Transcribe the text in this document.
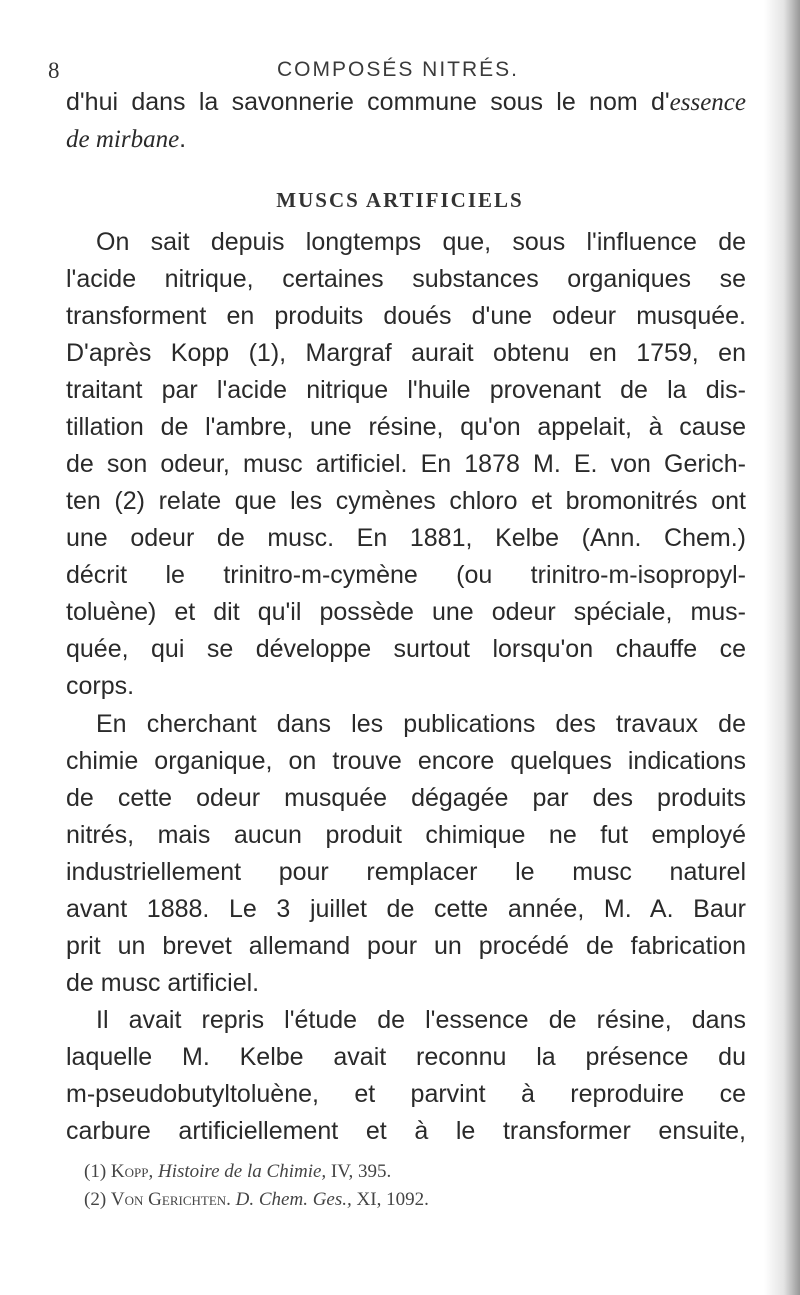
8	COMPOSÉS NITRÉS.
d'hui dans la savonnerie commune sous le nom d'essence
de mirbane.
MUSCS ARTIFICIELS
On sait depuis longtemps que, sous l'influence de
l'acide nitrique, certaines substances organiques se
transforment en produits doués d'une odeur musquée.
D'après Kopp (1), Margraf aurait obtenu en 1759, en
traitant par l'acide nitrique l'huile provenant de la dis-
tillation de l'ambre, une résine, qu'on appelait, à cause
de son odeur, musc artificiel. En 1878 M. E. von Gerich-
ten (2) relate que les cymènes chloro et bromonitrés ont
une odeur de musc. En 1881, Kelbe (Ann. Chem.)
décrit le trinitro-m-cymène (ou trinitro-m-isopropyl-
toluène) et dit qu'il possède une odeur spéciale, mus-
quée, qui se développe surtout lorsqu'on chauffe ce
corps.
En cherchant dans les publications des travaux de
chimie organique, on trouve encore quelques indications
de cette odeur musquée dégagée par des produits
nitrés, mais aucun produit chimique ne fut employé
industriellement pour remplacer le musc naturel
avant 1888. Le 3 juillet de cette année, M. A. Baur
prit un brevet allemand pour un procédé de fabrication
de musc artificiel.
Il avait repris l'étude de l'essence de résine, dans
laquelle M. Kelbe avait reconnu la présence du
m-pseudobutyltoluène, et parvint à reproduire ce
carbure artificiellement et à le transformer ensuite,
(1) Kopp, Histoire de la Chimie, IV, 395.
(2) Von Gerichten. D. Chem. Ges., XI, 1092.
